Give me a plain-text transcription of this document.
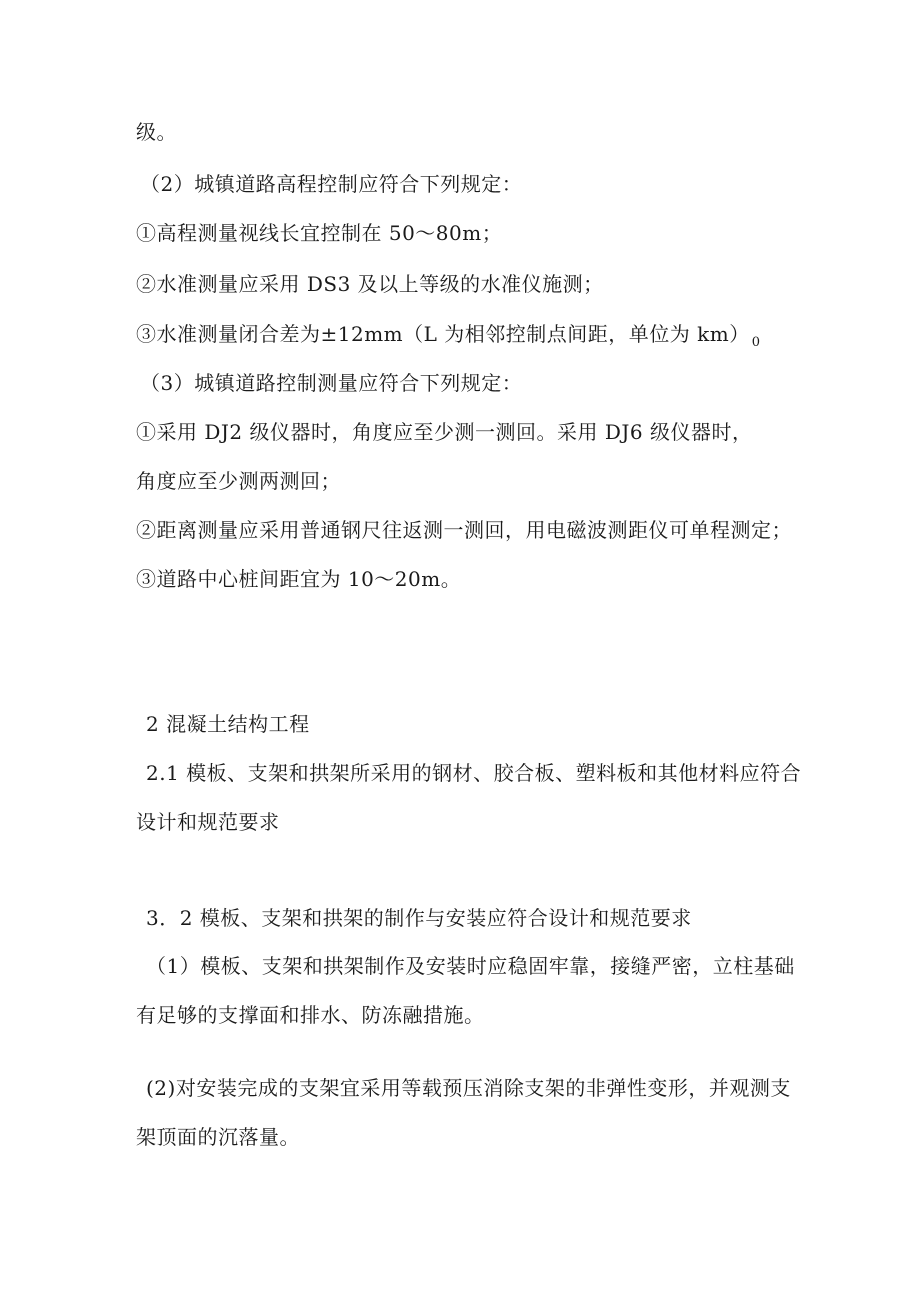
级。
（2）城镇道路高程控制应符合下列规定：
①高程测量视线长宜控制在 50～80m；
②水准测量应采用 DS3 及以上等级的水准仪施测；
③水准测量闭合差为±12mm（L 为相邻控制点间距，单位为 km） $_0$
（3）城镇道路控制测量应符合下列规定：
①采用 DJ2 级仪器时，角度应至少测一测回。采用 DJ6 级仪器时，
角度应至少测两测回；
②距离测量应采用普通钢尺往返测一测回，用电磁波测距仪可单程测定；
③道路中心桩间距宜为 10～20m。
2 混凝土结构工程
2.1 模板、支架和拱架所采用的钢材、胶合板、塑料板和其他材料应符合
设计和规范要求
3．2 模板、支架和拱架的制作与安装应符合设计和规范要求
（1）模板、支架和拱架制作及安装时应稳固牢靠，接缝严密，立柱基础
有足够的支撑面和排水、防冻融措施。
(2)对安装完成的支架宜采用等载预压消除支架的非弹性变形，并观测支
架顶面的沉落量。
